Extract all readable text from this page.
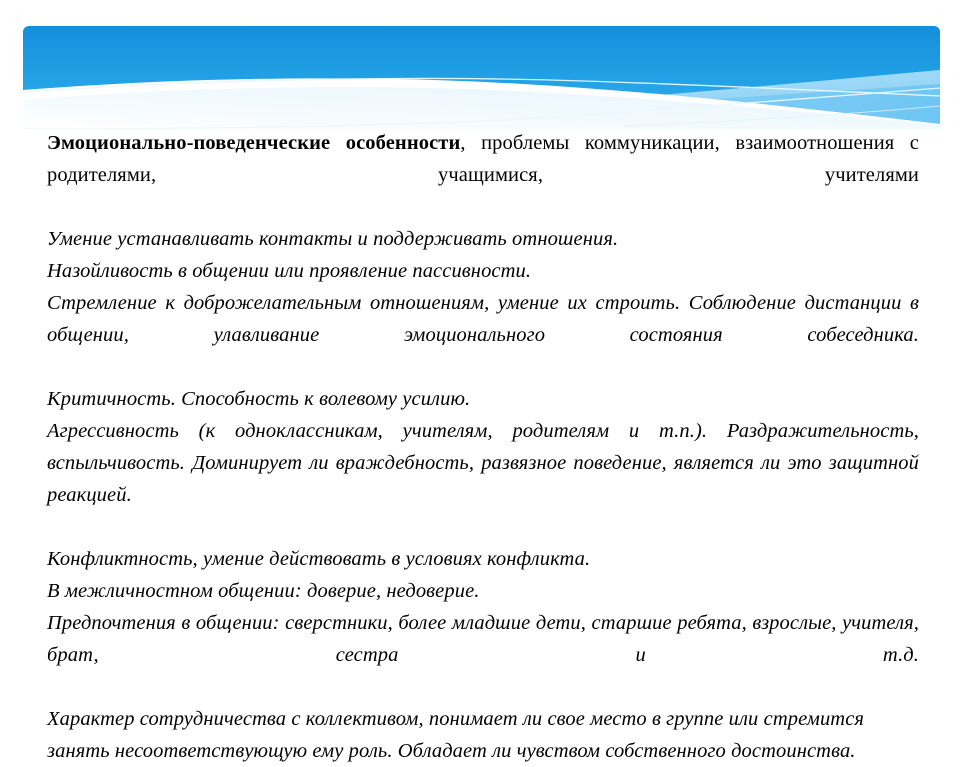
Эмоционально-поведенческие особенности, проблемы коммуникации, взаимоотношения с родителями, учащимися, учителями

Умение устанавливать контакты и поддерживать отношения.

Назойливость в общении или проявление пассивности.

Стремление к доброжелательным отношениям, умение их строить. Соблюдение дистанции в общении, улавливание эмоционального состояния собеседника.

Критичность. Способность к волевому усилию.

Агрессивность (к одноклассникам, учителям, родителям и т.п.). Раздражительность, вспыльчивость. Доминирует ли враждебность, развязное поведение, является ли это защитной реакцией.

Конфликтность, умение действовать в условиях конфликта.

В межличностном общении: доверие, недоверие.

Предпочтения в общении: сверстники, более младшие дети, старшие ребята, взрослые, учителя, брат, сестра и т.д.

Характер сотрудничества с коллективом, понимает ли свое место в группе или стремится занять несоответствующую ему роль. Обладает ли чувством собственного достоинства.
